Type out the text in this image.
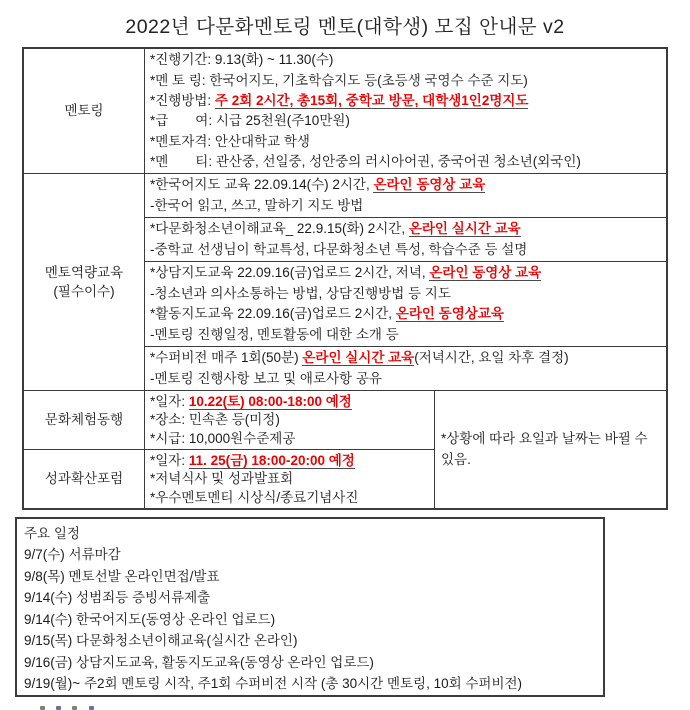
2022년 다문화멘토링 멘토(대학생) 모집 안내문 v2
멘토링
*진행기간: 9.13(화) ~ 11.30(수)
*멘 토 링: 한국어지도, 기초학습지도 등(초등생 국영수 수준 지도)
*진행방법: 주 2회 2시간, 총15회, 중학교 방문, 대학생1인2명지도
*급　　여: 시급 25천원(주10만원)
*멘토자격: 안산대학교 학생
*멘　　티: 관산중, 선일중, 성안중의 러시아어권, 중국어권 청소년(외국인)
멘토역량교육
(필수이수)
*한국어지도 교육 22.09.14(수) 2시간, 온라인 동영상 교육
-한국어 읽고, 쓰고, 말하기 지도 방법
*다문화청소년이해교육_ 22.9.15(화) 2시간, 온라인 실시간 교육
-중학교 선생님이 학교특성, 다문화청소년 특성, 학습수준 등 설명
*상담지도교육 22.09.16(금)업로드 2시간, 저녁, 온라인 동영상 교육
-청소년과 의사소통하는 방법, 상담진행방법 등 지도
*활동지도교육 22.09.16(금)업로드 2시간, 온라인 동영상교육
-멘토링 진행일정, 멘토활동에 대한 소개 등
*수퍼비전 매주 1회(50분) 온라인 실시간 교육(저녁시간, 요일 차후 결정)
-멘토링 진행사항 보고 및 애로사항 공유
문화체험동행
*일자: 10.22(토) 08:00-18:00 예정
*장소: 민속촌 등(미정)
*시급: 10,000원수준제공
성과확산포럼
*일자: 11. 25(금) 18:00-20:00 예정
*저녁식사 및 성과발표회
*우수멘토멘티 시상식/종료기념사진
*상황에 따라 요일과 날짜는 바뀔 수 있음.
주요 일정
9/7(수) 서류마감
9/8(목) 멘토선발 온라인면접/발표
9/14(수) 성범죄등 증빙서류제출
9/14(수) 한국어지도(동영상 온라인 업로드)
9/15(목) 다문화청소년이해교육(실시간 온라인)
9/16(금) 상담지도교육, 활동지도교육(동영상 온라인 업로드)
9/19(월)~ 주2회 멘토링 시작, 주1회 수퍼비전 시작 (총 30시간 멘토링, 10회 수퍼비전)
